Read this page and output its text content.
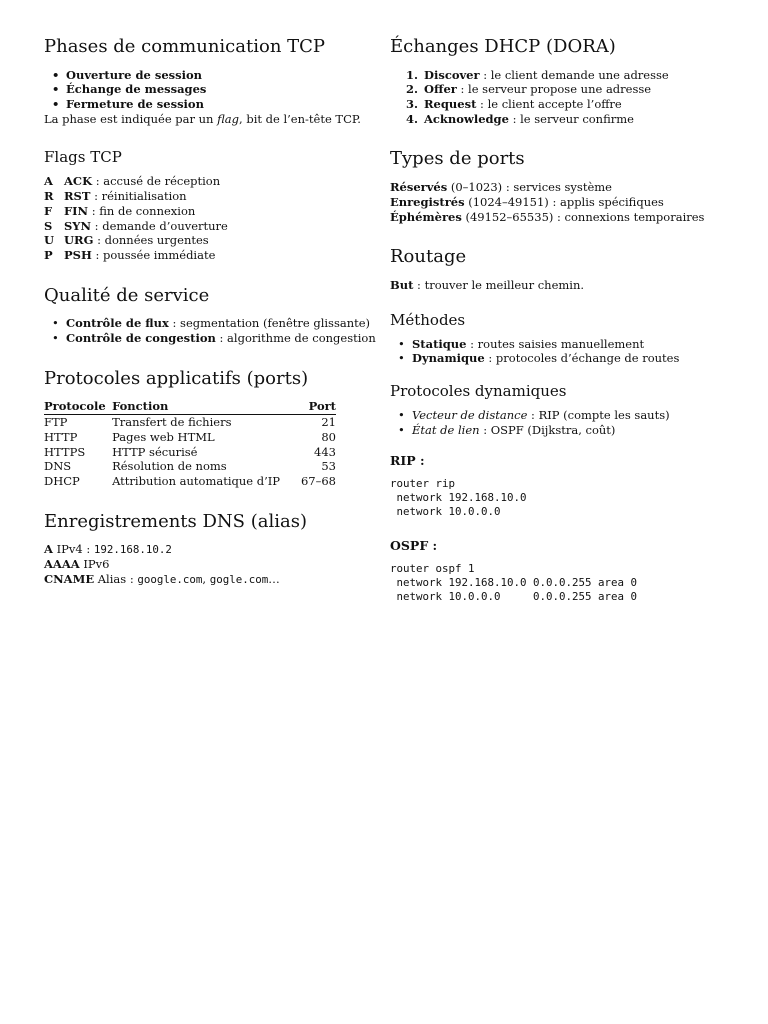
Phases de communication TCP
• Ouverture de session
• Échange de messages
• Fermeture de session
La phase est indiquée par un flag, bit de l’en-tête TCP.
Flags TCP
A ACK : accusé de réception
R RST : réinitialisation
F FIN : fin de connexion
S SYN : demande d’ouverture
U URG : données urgentes
P PSH : poussée immédiate
Qualité de service
• Contrôle de flux : segmentation (fenêtre glissante)
• Contrôle de congestion : algorithme de congestion
Protocoles applicatifs (ports)
Protocole	Fonction	Port
FTP	Transfert de fichiers	21
HTTP	Pages web HTML	80
HTTPS	HTTP sécurisé	443
DNS	Résolution de noms	53
DHCP	Attribution automatique d’IP	67–68
Enregistrements DNS (alias)
A IPv4 : 192.168.10.2
AAAA IPv6
CNAME Alias : google.com, gogle.com…
Échanges DHCP (DORA)
1. Discover : le client demande une adresse
2. Offer : le serveur propose une adresse
3. Request : le client accepte l’offre
4. Acknowledge : le serveur confirme
Types de ports
Réservés (0–1023) : services système
Enregistrés (1024–49151) : applis spécifiques
Éphémères (49152–65535) : connexions temporaires
Routage
But : trouver le meilleur chemin.
Méthodes
• Statique : routes saisies manuellement
• Dynamique : protocoles d’échange de routes
Protocoles dynamiques
• Vecteur de distance : RIP (compte les sauts)
• État de lien : OSPF (Dijkstra, coût)
RIP :
router rip
network 192.168.10.0
network 10.0.0.0
OSPF :
router ospf 1
network 192.168.10.0 0.0.0.255 area 0
network 10.0.0.0     0.0.0.255 area 0
